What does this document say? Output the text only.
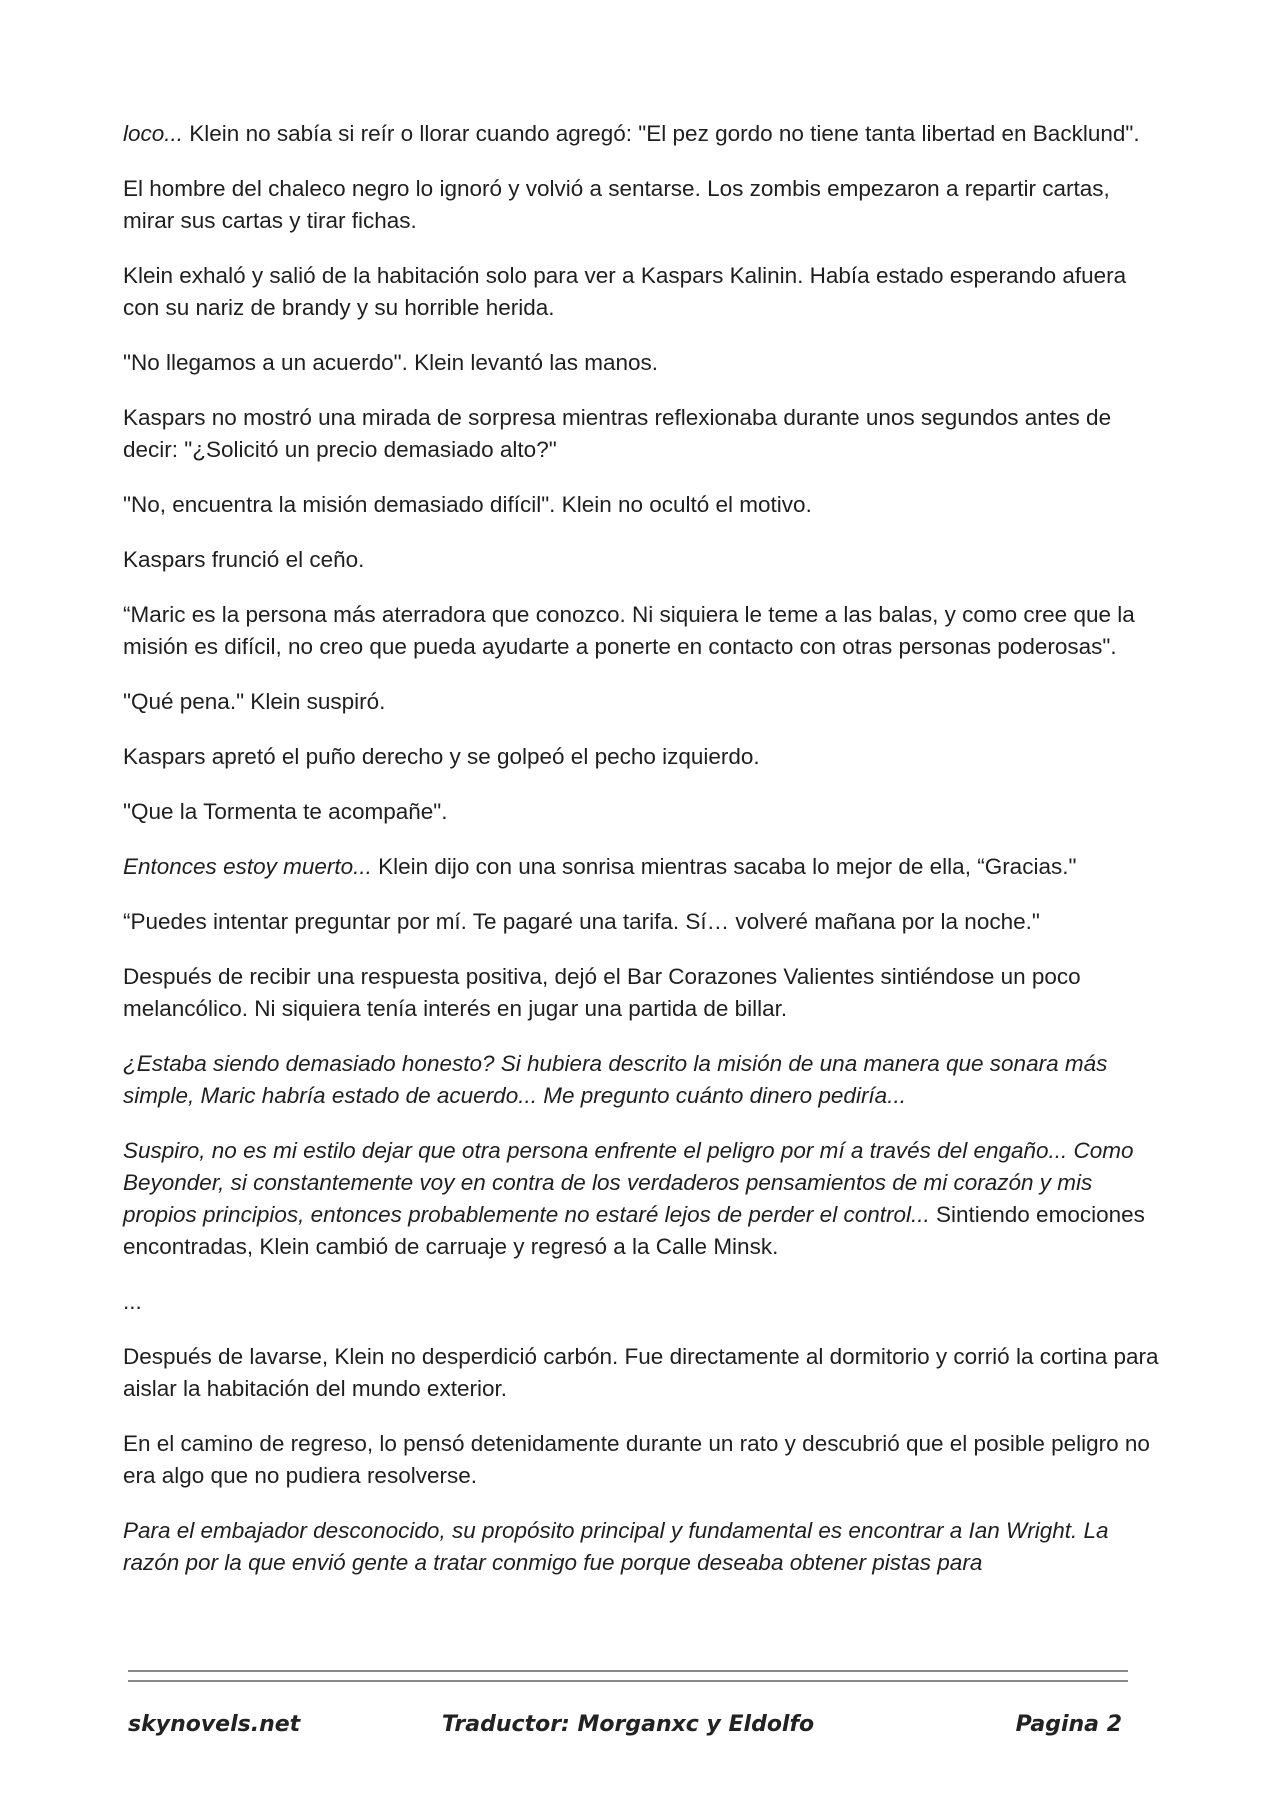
loco... Klein no sabía si reír o llorar cuando agregó: "El pez gordo no tiene tanta libertad en Backlund".

El hombre del chaleco negro lo ignoró y volvió a sentarse. Los zombis empezaron a repartir cartas, mirar sus cartas y tirar fichas.

Klein exhaló y salió de la habitación solo para ver a Kaspars Kalinin. Había estado esperando afuera con su nariz de brandy y su horrible herida.

"No llegamos a un acuerdo". Klein levantó las manos.

Kaspars no mostró una mirada de sorpresa mientras reflexionaba durante unos segundos antes de decir: "¿Solicitó un precio demasiado alto?"

"No, encuentra la misión demasiado difícil". Klein no ocultó el motivo.

Kaspars frunció el ceño.

“Maric es la persona más aterradora que conozco. Ni siquiera le teme a las balas, y como cree que la misión es difícil, no creo que pueda ayudarte a ponerte en contacto con otras personas poderosas".

"Qué pena." Klein suspiró.

Kaspars apretó el puño derecho y se golpeó el pecho izquierdo.

"Que la Tormenta te acompañe".

Entonces estoy muerto... Klein dijo con una sonrisa mientras sacaba lo mejor de ella, “Gracias."

“Puedes intentar preguntar por mí. Te pagaré una tarifa. Sí… volveré mañana por la noche."

Después de recibir una respuesta positiva, dejó el Bar Corazones Valientes sintiéndose un poco melancólico. Ni siquiera tenía interés en jugar una partida de billar.

¿Estaba siendo demasiado honesto? Si hubiera descrito la misión de una manera que sonara más simple, Maric habría estado de acuerdo... Me pregunto cuánto dinero pediría...

Suspiro, no es mi estilo dejar que otra persona enfrente el peligro por mí a través del engaño... Como Beyonder, si constantemente voy en contra de los verdaderos pensamientos de mi corazón y mis propios principios, entonces probablemente no estaré lejos de perder el control... Sintiendo emociones encontradas, Klein cambió de carruaje y regresó a la Calle Minsk.

...

Después de lavarse, Klein no desperdició carbón. Fue directamente al dormitorio y corrió la cortina para aislar la habitación del mundo exterior.

En el camino de regreso, lo pensó detenidamente durante un rato y descubrió que el posible peligro no era algo que no pudiera resolverse.

Para el embajador desconocido, su propósito principal y fundamental es encontrar a Ian Wright. La razón por la que envió gente a tratar conmigo fue porque deseaba obtener pistas para

skynovels.net	Traductor: Morganxc y Eldolfo	Pagina 2
